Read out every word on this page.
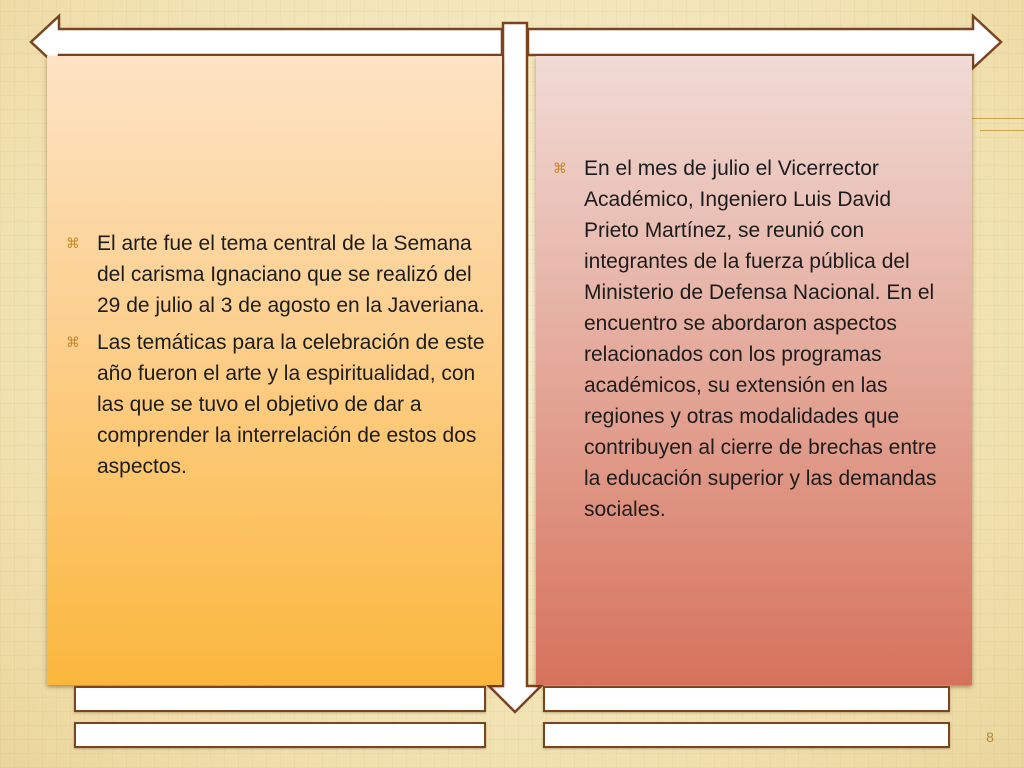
⌘ El arte fue el tema central de la Semana del carisma Ignaciano que se realizó del 29 de julio al 3 de agosto en la Javeriana.
⌘ Las temáticas para la celebración de este año fueron el arte y la espiritualidad, con las que se tuvo el objetivo de dar a comprender la interrelación de estos dos aspectos.
⌘ En el mes de julio el Vicerrector Académico, Ingeniero Luis David Prieto Martínez, se reunió con integrantes de la fuerza pública del Ministerio de Defensa Nacional. En el encuentro se abordaron aspectos relacionados con los programas académicos, su extensión en las regiones y otras modalidades que contribuyen al cierre de brechas entre la educación superior y las demandas sociales.
8
